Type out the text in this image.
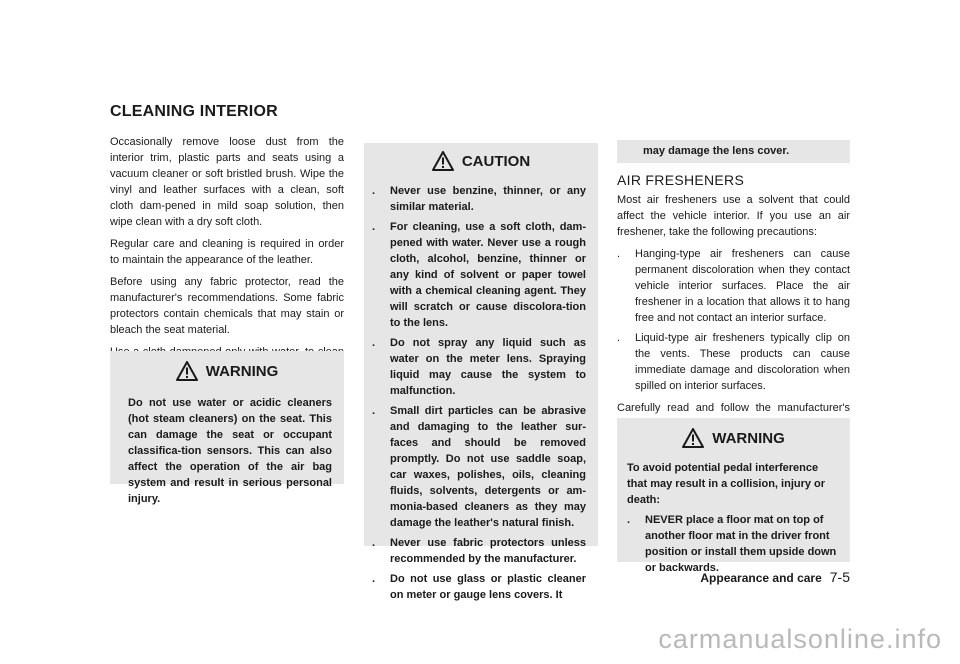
CLEANING INTERIOR

Occasionally remove loose dust from the interior trim, plastic parts and seats using a vacuum cleaner or soft bristled brush. Wipe the vinyl and leather surfaces with a clean, soft cloth dam-pened in mild soap solution, then wipe clean with a dry soft cloth.

Regular care and cleaning is required in order to maintain the appearance of the leather.

Before using any fabric protector, read the manufacturer's recommendations. Some fabric protectors contain chemicals that may stain or bleach the seat material.

WARNING
Do not use water or acidic cleaners (hot steam cleaners) on the seat. This can damage the seat or occupant classifica-tion sensors. This can also affect the operation of the air bag system and result in serious personal injury.
CAUTION
.	Never use benzine, thinner, or any similar material.
.	For cleaning, use a soft cloth, dam-pened with water. Never use a rough cloth, alcohol, benzine, thinner or any kind of solvent or paper towel with a chemical cleaning agent. They will scratch or cause discolora-tion to the lens.
.	Do not spray any liquid such as water on the meter lens. Spraying liquid may cause the system to malfunction.
.	Small dirt particles can be abrasive and damaging to the leather sur-faces and should be removed promptly. Do not use saddle soap, car waxes, polishes, oils, cleaning fluids, solvents, detergents or am-monia-based cleaners as they may damage the leather's natural finish.
.	Never use fabric protectors unless recommended by the manufacturer.
.	Do not use glass or plastic cleaner on meter or gauge lens covers. It
may damage the lens cover.
AIR FRESHENERS

Most air fresheners use a solvent that could affect the vehicle interior. If you use an air freshener, take the following precautions:

.	Hanging-type air fresheners can cause permanent discoloration when they contact vehicle interior surfaces. Place the air freshener in a location that allows it to hang free and not contact an interior surface.
.	Liquid-type air fresheners typically clip on the vents. These products can cause immediate damage and discoloration when spilled on interior surfaces.

Carefully read and follow the manufacturer's

WARNING
To avoid potential pedal interference that may result in a collision, injury or death:
.	NEVER place a floor mat on top of another floor mat in the driver front position or install them upside down or backwards.
Appearance and care 7-5
carmanualsonline.info
